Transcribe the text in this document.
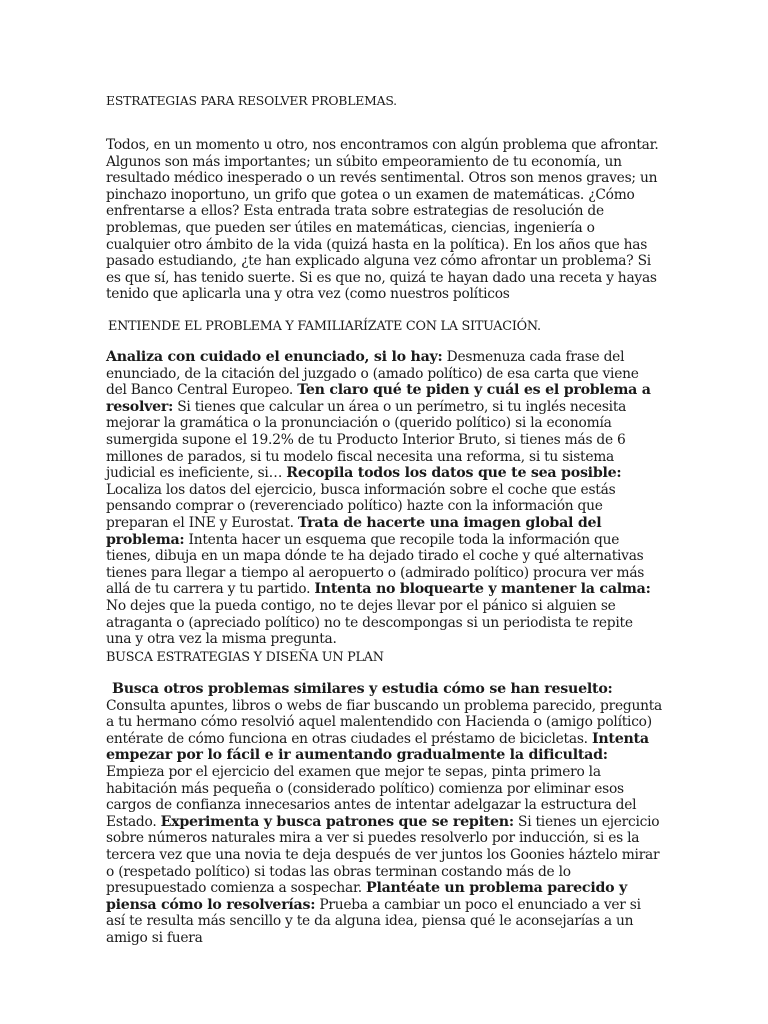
ESTRATEGIAS PARA RESOLVER PROBLEMAS.

Todos, en un momento u otro, nos encontramos con algún problema que afrontar. Algunos son más importantes; un súbito empeoramiento de tu economía, un resultado médico inesperado o un revés sentimental. Otros son menos graves; un pinchazo inoportuno, un grifo que gotea o un examen de matemáticas. ¿Cómo enfrentarse a ellos? Esta entrada trata sobre estrategias de resolución de problemas, que pueden ser útiles en matemáticas, ciencias, ingeniería o cualquier otro ámbito de la vida (quizá hasta en la política). En los años que has pasado estudiando, ¿te han explicado alguna vez cómo afrontar un problema? Si es que sí, has tenido suerte. Si es que no, quizá te hayan dado una receta y hayas tenido que aplicarla una y otra vez (como nuestros políticos

ENTIENDE EL PROBLEMA Y FAMILIARÍZATE CON LA SITUACIÓN.

Analiza con cuidado el enunciado, si lo hay: Desmenuza cada frase del enunciado, de la citación del juzgado o (amado político) de esa carta que viene del Banco Central Europeo. Ten claro qué te piden y cuál es el problema a resolver: Si tienes que calcular un área o un perímetro, si tu inglés necesita mejorar la gramática o la pronunciación o (querido político) si la economía sumergida supone el 19.2% de tu Producto Interior Bruto, si tienes más de 6 millones de parados, si tu modelo fiscal necesita una reforma, si tu sistema judicial es ineficiente, si… Recopila todos los datos que te sea posible: Localiza los datos del ejercicio, busca información sobre el coche que estás pensando comprar o (reverenciado político) hazte con la información que preparan el INE y Eurostat. Trata de hacerte una imagen global del problema: Intenta hacer un esquema que recopile toda la información que tienes, dibuja en un mapa dónde te ha dejado tirado el coche y qué alternativas tienes para llegar a tiempo al aeropuerto o (admirado político) procura ver más allá de tu carrera y tu partido. Intenta no bloquearte y mantener la calma: No dejes que la pueda contigo, no te dejes llevar por el pánico si alguien se atraganta o (apreciado político) no te descompongas si un periodista te repite una y otra vez la misma pregunta.

BUSCA ESTRATEGIAS Y DISEÑA UN PLAN

Busca otros problemas similares y estudia cómo se han resuelto: Consulta apuntes, libros o webs de fiar buscando un problema parecido, pregunta a tu hermano cómo resolvió aquel malentendido con Hacienda o (amigo político) entérate de cómo funciona en otras ciudades el préstamo de bicicletas. Intenta empezar por lo fácil e ir aumentando gradualmente la dificultad: Empieza por el ejercicio del examen que mejor te sepas, pinta primero la habitación más pequeña o (considerado político) comienza por eliminar esos cargos de confianza innecesarios antes de intentar adelgazar la estructura del Estado. Experimenta y busca patrones que se repiten: Si tienes un ejercicio sobre números naturales mira a ver si puedes resolverlo por inducción, si es la tercera vez que una novia te deja después de ver juntos los Goonies háztelo mirar o (respetado político) si todas las obras terminan costando más de lo presupuestado comienza a sospechar. Plantéate un problema parecido y piensa cómo lo resolverías: Prueba a cambiar un poco el enunciado a ver si así te resulta más sencillo y te da alguna idea, piensa qué le aconsejarías a un amigo si fuera
